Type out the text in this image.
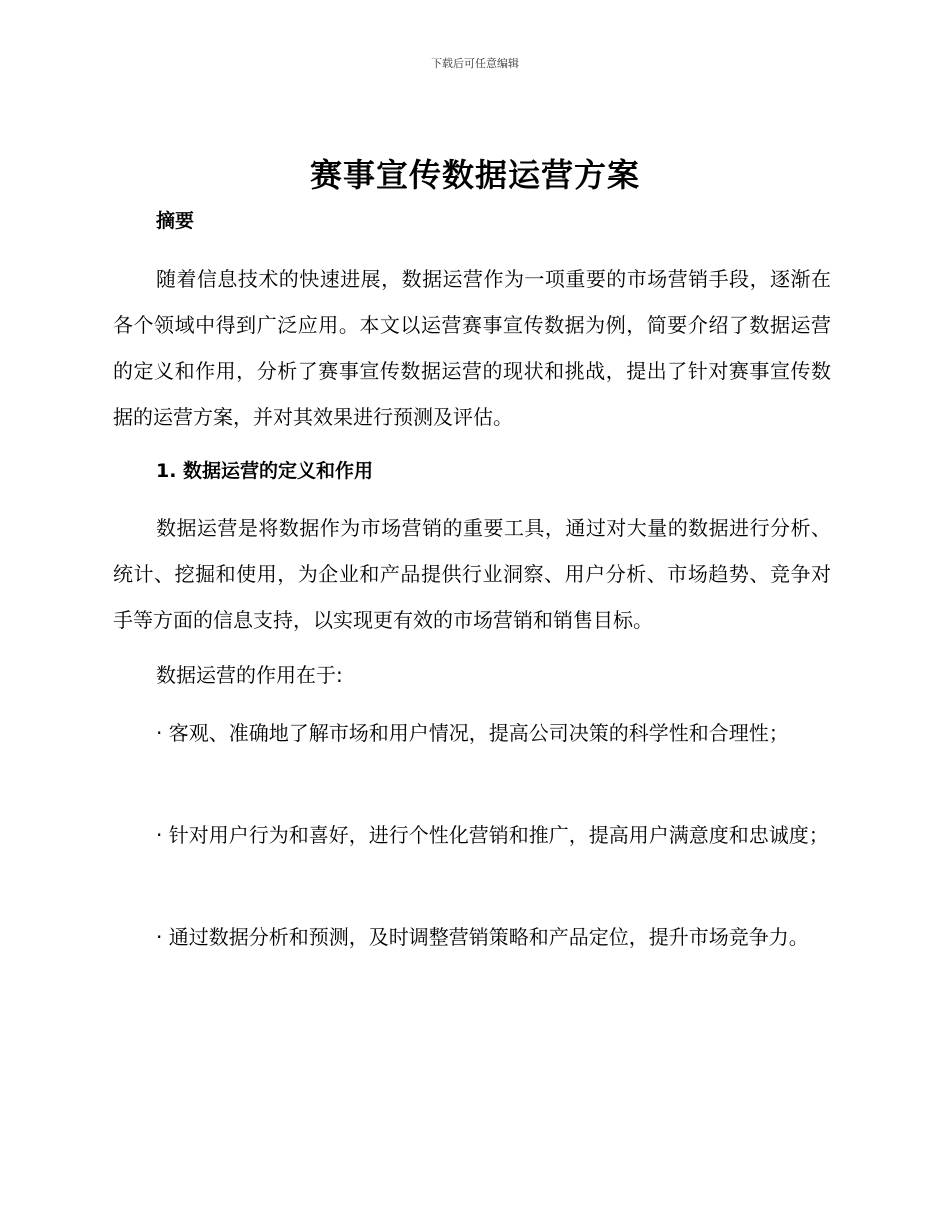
下载后可任意编辑
赛事宣传数据运营方案
摘要
随着信息技术的快速进展，数据运营作为一项重要的市场营销手段，逐渐在各个领域中得到广泛应用。本文以运营赛事宣传数据为例，简要介绍了数据运营的定义和作用，分析了赛事宣传数据运营的现状和挑战，提出了针对赛事宣传数据的运营方案，并对其效果进行预测及评估。
1. 数据运营的定义和作用
数据运营是将数据作为市场营销的重要工具，通过对大量的数据进行分析、统计、挖掘和使用，为企业和产品提供行业洞察、用户分析、市场趋势、竞争对手等方面的信息支持，以实现更有效的市场营销和销售目标。
数据运营的作用在于:
· 客观、准确地了解市场和用户情况，提高公司决策的科学性和合理性；
· 针对用户行为和喜好，进行个性化营销和推广，提高用户满意度和忠诚度；
· 通过数据分析和预测，及时调整营销策略和产品定位，提升市场竞争力。
